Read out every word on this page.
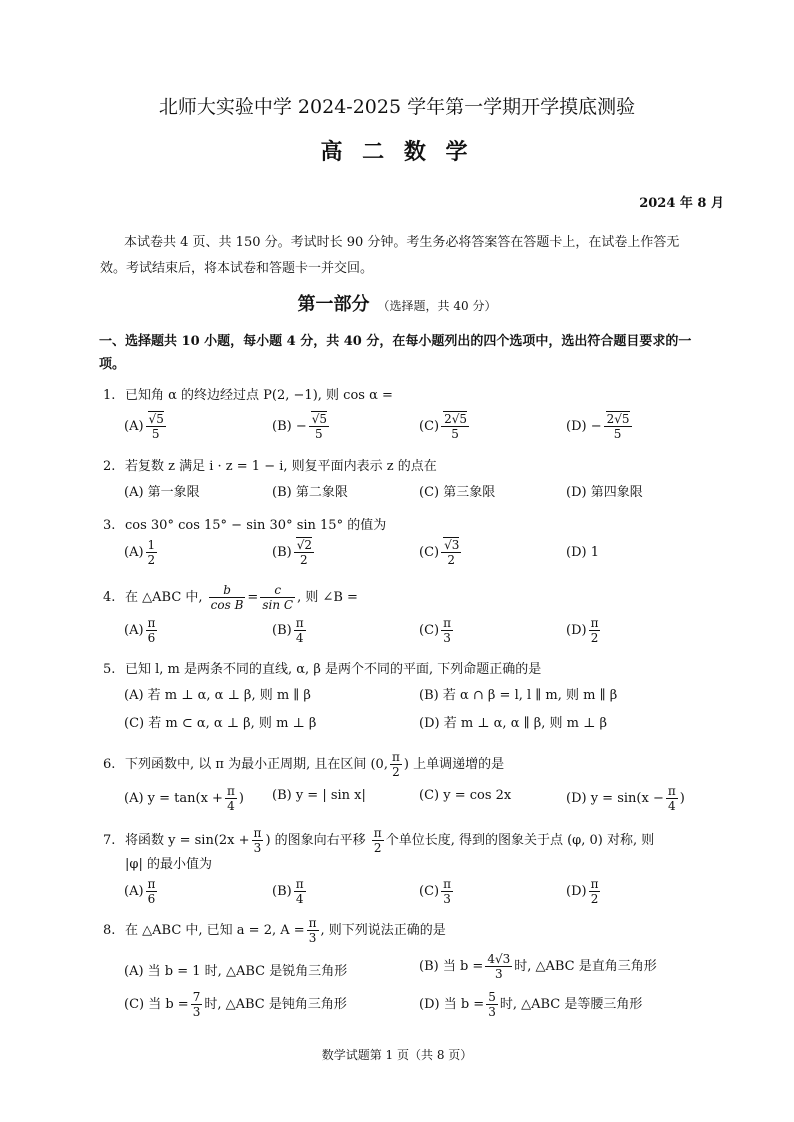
北师大实验中学 2024-2025 学年第一学期开学摸底测验
高 二 数 学
2024 年 8 月
本试卷共 4 页、共 150 分。考试时长 90 分钟。考生务必将答案答在答题卡上，在试卷上作答无效。考试结束后，将本试卷和答题卡一并交回。
第一部分 （选择题，共 40 分）
一、选择题共 10 小题，每小题 4 分，共 40 分，在每小题列出的四个选项中，选出符合题目要求的一项。
1. 已知角 α 的终边经过点 P(2, −1), 则 cos α =
$(A) \frac{√5}{5}$	$(B) - \frac{√5}{5}$	$(C) \frac{2√5}{5}$	$(D) - \frac{2√5}{5}$
2. 若复数 z 满足 i · z = 1 − i, 则复平面内表示 z 的点在
(A) 第一象限	(B) 第二象限	(C) 第三象限	(D) 第四象限
3. cos 30° cos 15° − sin 30° sin 15° 的值为
$(A) \frac{1}{2}$	$(B) \frac{√2}{2}$	$(C) \frac{√3}{2}$	(D) 1
4. 在 △ABC 中, $\frac{b}{\text{cos B}} = \frac{c}{\text{sin C}}$ , 则 ∠B =
$(A) \frac{\pi}{6}$	$(B) \frac{\pi}{4}$	$(C) \frac{\pi}{3}$	$(D) \frac{\pi}{2}$
5. 已知 l, m 是两条不同的直线, α, β 是两个不同的平面, 下列命题正确的是
(A) 若 m ⊥ α, α ⊥ β, 则 m ∥ β	(B) 若 α ∩ β = l, l ∥ m, 则 m ∥ β
(C) 若 m ⊂ α, α ⊥ β, 则 m ⊥ β	(D) 若 m ⊥ α, α ∥ β, 则 m ⊥ β
6. 下列函数中, 以 π 为最小正周期, 且在区间 (0, $\frac{\pi}{2}$ ) 上单调递增的是
(A) $y = \tan(x + \frac{\pi}{4}$ ) (B) y = | sin x|	(C) y = cos 2x	(D) $y = \sin(x - \frac{\pi}{4}$ )
7. 将函数 $y = \sin(2x + \frac{\pi}{3}$ ) 的图象向右平移 $\frac{\pi}{2}$ 个单位长度, 得到的图象关于点 (φ, 0) 对称, 则
|φ| 的最小值为
$(A) \frac{\pi}{6}$	$(B) \frac{\pi}{4}$	$(C) \frac{\pi}{3}$	$(D) \frac{\pi}{2}$
8. 在 △ABC 中, 已知 a = 2, $A = \frac{\pi}{3}$ , 则下列说法正确的是
(A) 当 b = 1 时, △ABC 是锐角三角形	(B) 当 $b = \frac{4√3}{3}$ 时, △ABC 是直角三角形
(C) 当 $b = \frac{7}{3}$ 时, △ABC 是钝角三角形	(D) 当 $b = \frac{5}{3}$ 时, △ABC 是等腰三角形
数学试题第 1 页（共 8 页）
